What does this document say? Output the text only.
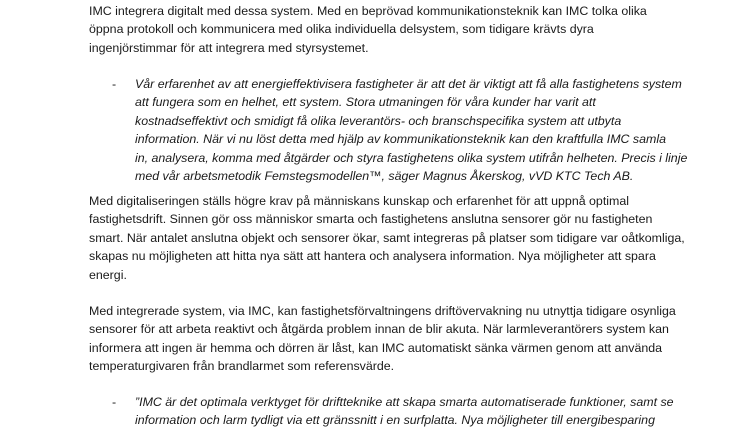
IMC integrera digitalt med dessa system. Med en beprövad kommunikationsteknik kan IMC tolka olika
öppna protokoll och kommunicera med olika individuella delsystem, som tidigare krävts dyra
ingenjörstimmar för att integrera med styrsystemet.

- Vår erfarenhet av att energieffektivisera fastigheter är att det är viktigt att få alla fastighetens system
att fungera som en helhet, ett system. Stora utmaningen för våra kunder har varit att
kostnadseffektivt och smidigt få olika leverantörs- och branschspecifika system att utbyta
information. När vi nu löst detta med hjälp av kommunikationsteknik kan den kraftfulla IMC samla
in, analysera, komma med åtgärder och styra fastighetens olika system utifrån helheten. Precis i linje
med vår arbetsmetodik Femstegsmodellen™, säger Magnus Åkerskog, vVD KTC Tech AB.

Med digitaliseringen ställs högre krav på människans kunskap och erfarenhet för att uppnå optimal
fastighetsdrift. Sinnen gör oss människor smarta och fastighetens anslutna sensorer gör nu fastigheten
smart. När antalet anslutna objekt och sensorer ökar, samt integreras på platser som tidigare var oåtkomliga,
skapas nu möjligheten att hitta nya sätt att hantera och analysera information. Nya möjligheter att spara
energi.

Med integrerade system, via IMC, kan fastighetsförvaltningens driftövervakning nu utnyttja tidigare osynliga
sensorer för att arbeta reaktivt och åtgärda problem innan de blir akuta. När larmleverantörers system kan
informera att ingen är hemma och dörren är låst, kan IMC automatiskt sänka värmen genom att använda
temperaturgivaren från brandlarmet som referensvärde.

- ”IMC är det optimala verktyget för driftteknike att skapa smarta automatiserade funktioner, samt se
information och larm tydligt via ett gränssnitt i en surfplatta. Nya möjligheter till energibesparing
